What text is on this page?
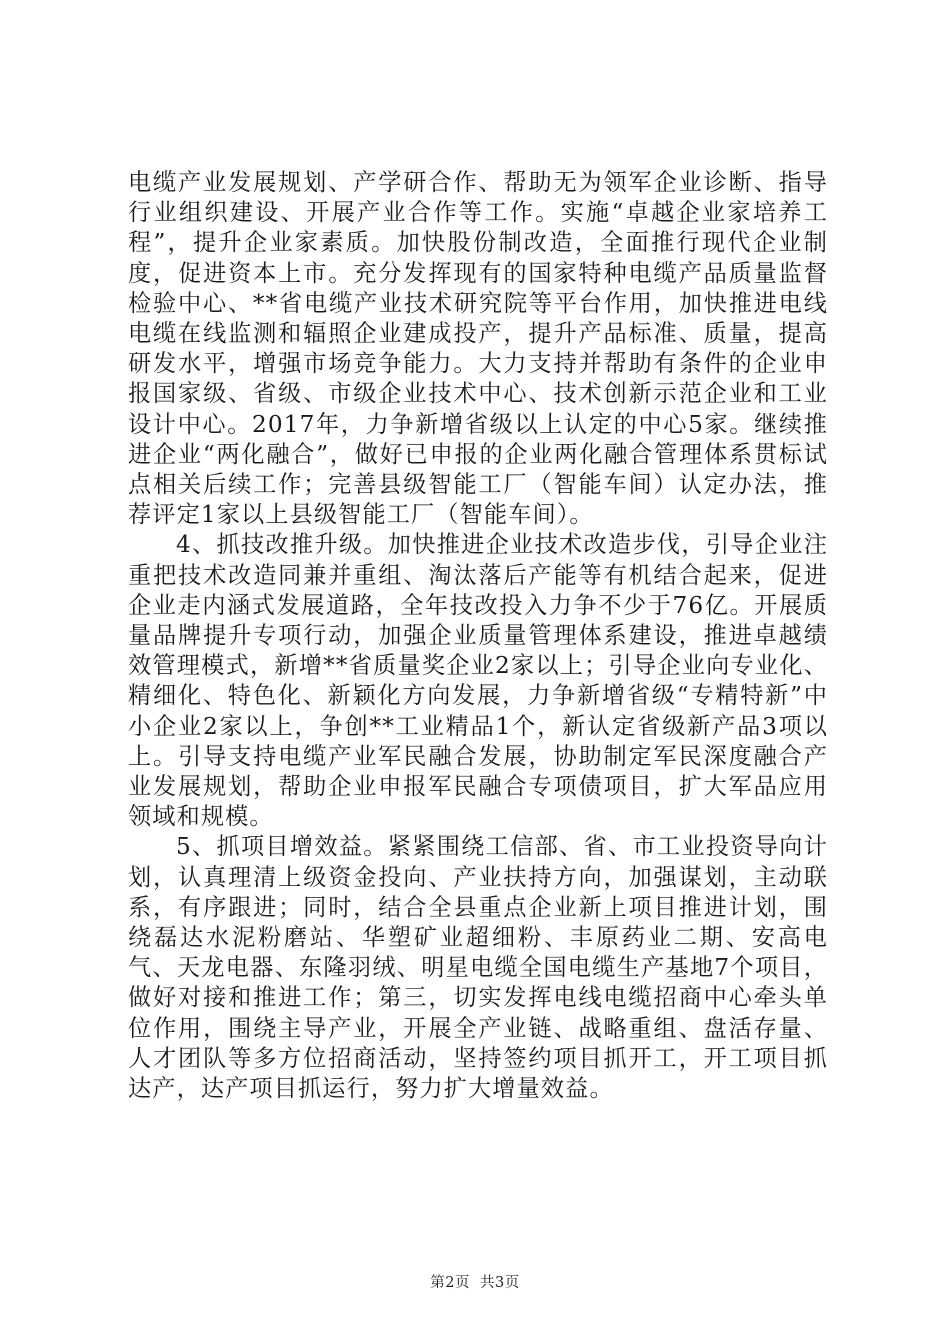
电缆产业发展规划、产学研合作、帮助无为领军企业诊断、指导行业组织建设、开展产业合作等工作。实施“卓越企业家培养工程”，提升企业家素质。加快股份制改造，全面推行现代企业制度，促进资本上市。充分发挥现有的国家特种电缆产品质量监督检验中心、**省电缆产业技术研究院等平台作用，加快推进电线电缆在线监测和辐照企业建成投产，提升产品标准、质量，提高研发水平，增强市场竞争能力。大力支持并帮助有条件的企业申报国家级、省级、市级企业技术中心、技术创新示范企业和工业设计中心。2017年，力争新增省级以上认定的中心5家。继续推进企业“两化融合”，做好已申报的企业两化融合管理体系贯标试点相关后续工作；完善县级智能工厂（智能车间）认定办法，推荐评定1家以上县级智能工厂（智能车间）。

4、抓技改推升级。加快推进企业技术改造步伐，引导企业注重把技术改造同兼并重组、淘汰落后产能等有机结合起来，促进企业走内涵式发展道路，全年技改投入力争不少于76亿。开展质量品牌提升专项行动，加强企业质量管理体系建设，推进卓越绩效管理模式，新增**省质量奖企业2家以上；引导企业向专业化、精细化、特色化、新颖化方向发展，力争新增省级“专精特新”中小企业2家以上，争创**工业精品1个，新认定省级新产品3项以上。引导支持电缆产业军民融合发展，协助制定军民深度融合产业发展规划，帮助企业申报军民融合专项债项目，扩大军品应用领域和规模。

5、抓项目增效益。紧紧围绕工信部、省、市工业投资导向计划，认真理清上级资金投向、产业扶持方向，加强谋划，主动联系，有序跟进；同时，结合全县重点企业新上项目推进计划，围绕磊达水泥粉磨站、华塑矿业超细粉、丰原药业二期、安高电气、天龙电器、东隆羽绒、明星电缆全国电缆生产基地7个项目，做好对接和推进工作；第三，切实发挥电线电缆招商中心牵头单位作用，围绕主导产业，开展全产业链、战略重组、盘活存量、人才团队等多方位招商活动，坚持签约项目抓开工，开工项目抓达产，达产项目抓运行，努力扩大增量效益。

第2页 共3页
